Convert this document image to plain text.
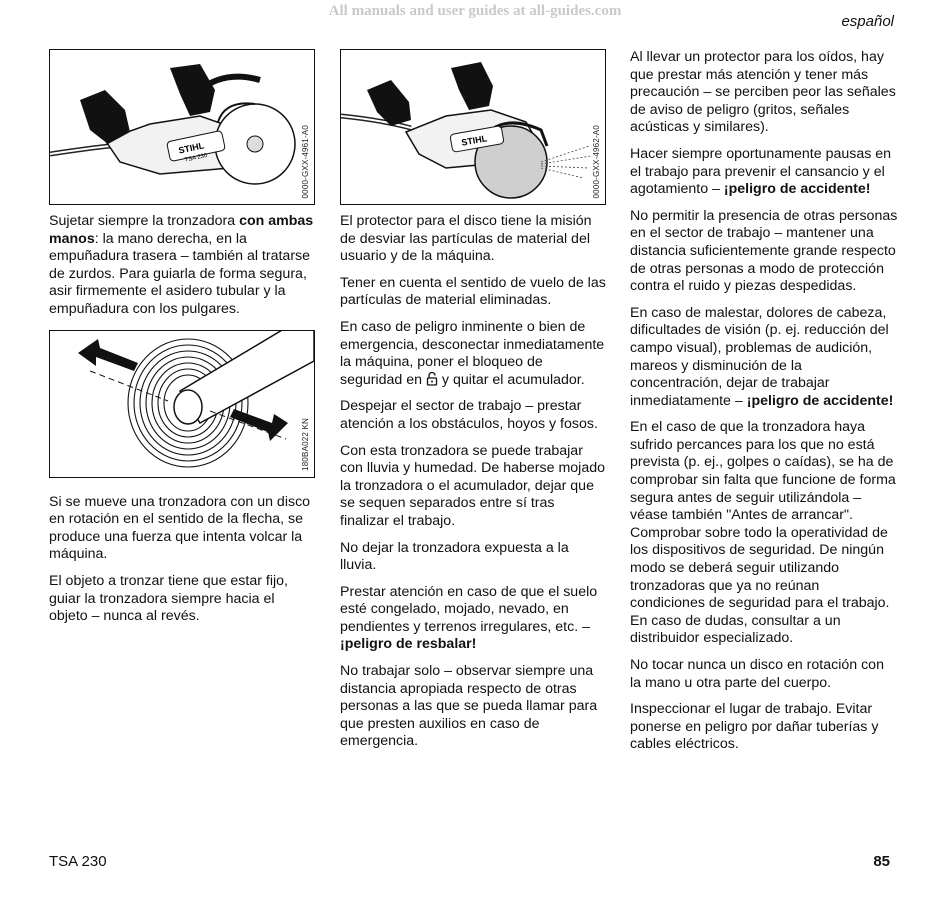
All manuals and user guides at all-guides.com
español
STIHL
TSA 230	0000-GXX-4961-A0

Sujetar siempre la tronzadora con ambas manos: la mano derecha, en la empuñadura trasera – también al tratarse de zurdos. Para guiarla de forma segura, asir firmemente el asidero tubular y la empuñadura con los pulgares.

180BA022 KN

Si se mueve una tronzadora con un disco en rotación en el sentido de la flecha, se produce una fuerza que intenta volcar la máquina.

El objeto a tronzar tiene que estar fijo, guiar la tronzadora siempre hacia el objeto – nunca al revés.

STIHL	0000-GXX-4962-A0

El protector para el disco tiene la misión de desviar las partículas de material del usuario y de la máquina.

Tener en cuenta el sentido de vuelo de las partículas de material eliminadas.

En caso de peligro inminente o bien de emergencia, desconectar inmediatamente la máquina, poner el bloqueo de seguridad en  y quitar el acumulador.

Despejar el sector de trabajo – prestar atención a los obstáculos, hoyos y fosos.

Con esta tronzadora se puede trabajar con lluvia y humedad. De haberse mojado la tronzadora o el acumulador, dejar que se sequen separados entre sí tras finalizar el trabajo.

No dejar la tronzadora expuesta a la lluvia.

Prestar atención en caso de que el suelo esté congelado, mojado, nevado, en pendientes y terrenos irregulares, etc. – ¡peligro de resbalar!

No trabajar solo – observar siempre una distancia apropiada respecto de otras personas a las que se pueda llamar para que presten auxilios en caso de emergencia.

Al llevar un protector para los oídos, hay que prestar más atención y tener más precaución – se perciben peor las señales de aviso de peligro (gritos, señales acústicas y similares).

Hacer siempre oportunamente pausas en el trabajo para prevenir el cansancio y el agotamiento – ¡peligro de accidente!

No permitir la presencia de otras personas en el sector de trabajo – mantener una distancia suficientemente grande respecto de otras personas a modo de protección contra el ruido y piezas despedidas.

En caso de malestar, dolores de cabeza, dificultades de visión (p. ej. reducción del campo visual), problemas de audición, mareos y disminución de la concentración, dejar de trabajar inmediatamente – ¡peligro de accidente!

En el caso de que la tronzadora haya sufrido percances para los que no está prevista (p. ej., golpes o caídas), se ha de comprobar sin falta que funcione de forma segura antes de seguir utilizándola – véase también "Antes de arrancar". Comprobar sobre todo la operatividad de los dispositivos de seguridad. De ningún modo se deberá seguir utilizando tronzadoras que ya no reúnan condiciones de seguridad para el trabajo. En caso de dudas, consultar a un distribuidor especializado.

No tocar nunca un disco en rotación con la mano u otra parte del cuerpo.

Inspeccionar el lugar de trabajo. Evitar ponerse en peligro por dañar tuberías y cables eléctricos.

TSA 230	85
